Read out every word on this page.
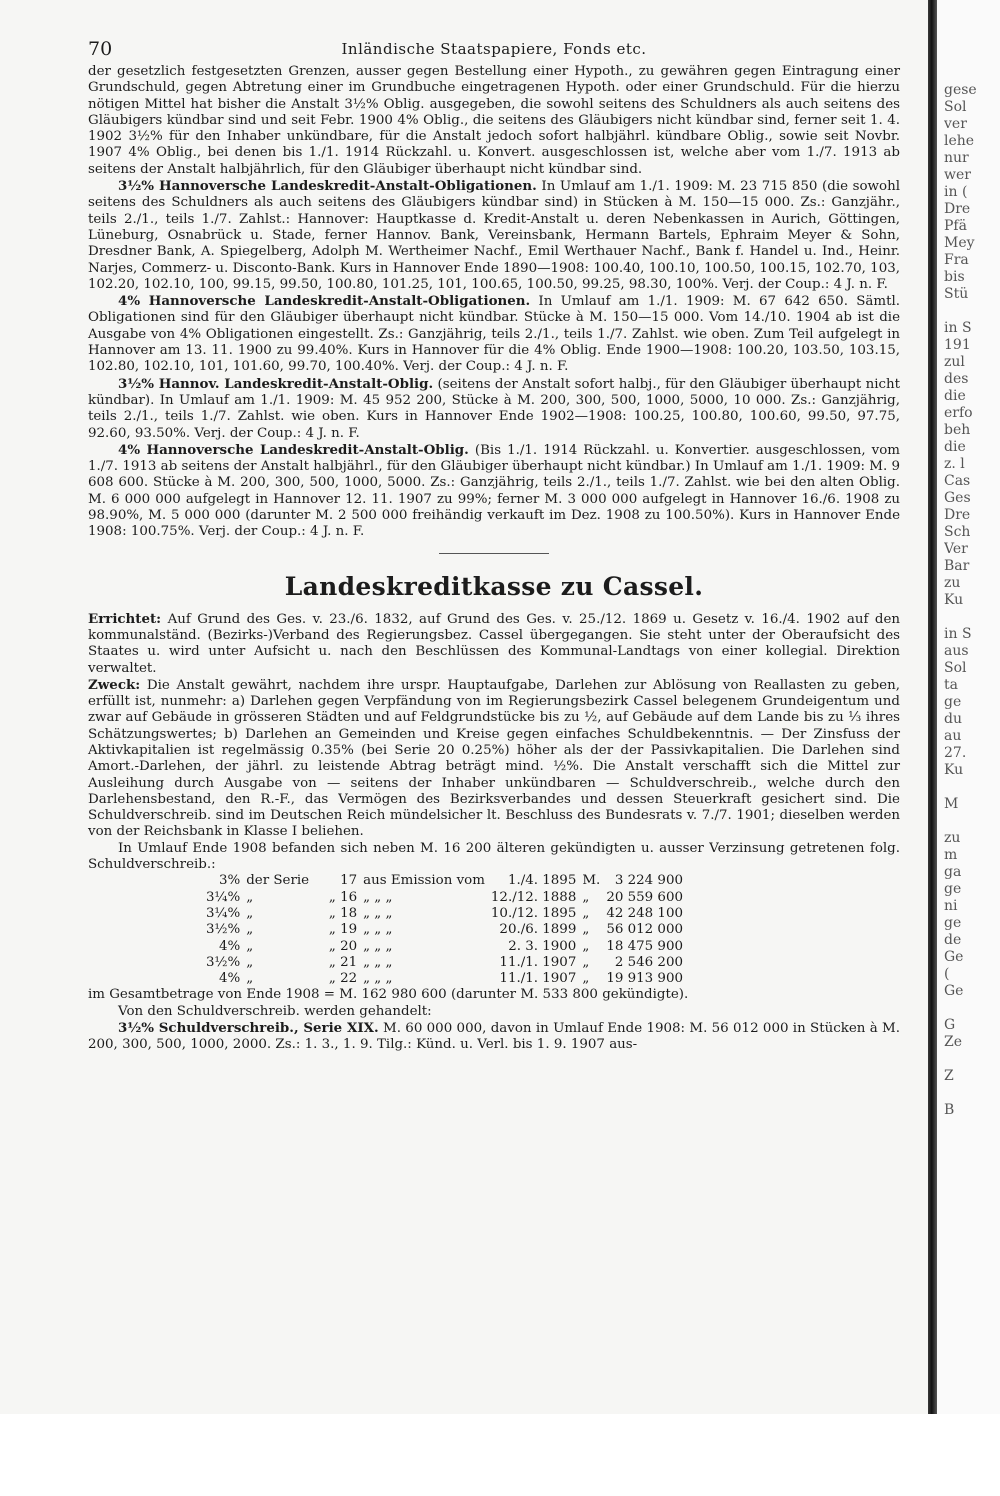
gese
Sol
ver
lehe
nur
wer
in (
Dre
Pfä
Mey
Fra
bis
Stü

in S
191
zul
des
die
erfo
beh
die
z. l
Cas
Ges
Dre
Sch
Ver
Bar
zu
Ku

in S
aus
Sol
ta
ge
du
au
27.
Ku

M

zu
m
ga
ge
ni
ge
de
Ge
(
Ge

G
Ze

Z

B
70	Inländische Staatspapiere, Fonds etc.

der gesetzlich festgesetzten Grenzen, ausser gegen Bestellung einer Hypoth., zu gewähren gegen Eintragung einer Grundschuld, gegen Abtretung einer im Grundbuche eingetragenen Hypoth. oder einer Grundschuld. Für die hierzu nötigen Mittel hat bisher die Anstalt 3½% Oblig. ausgegeben, die sowohl seitens des Schuldners als auch seitens des Gläubigers kündbar sind und seit Febr. 1900 4% Oblig., die seitens des Gläubigers nicht kündbar sind, ferner seit 1. 4. 1902 3½% für den Inhaber unkündbare, für die Anstalt jedoch sofort halbjährl. kündbare Oblig., sowie seit Novbr. 1907 4% Oblig., bei denen bis 1./1. 1914 Rückzahl. u. Konvert. ausgeschlossen ist, welche aber vom 1./7. 1913 ab seitens der Anstalt halbjährlich, für den Gläubiger überhaupt nicht kündbar sind.

3½% Hannoversche Landeskredit-Anstalt-Obligationen. In Umlauf am 1./1. 1909: M. 23 715 850 (die sowohl seitens des Schuldners als auch seitens des Gläubigers kündbar sind) in Stücken à M. 150—15 000. Zs.: Ganzjähr., teils 2./1., teils 1./7. Zahlst.: Hannover: Hauptkasse d. Kredit-Anstalt u. deren Nebenkassen in Aurich, Göttingen, Lüneburg, Osnabrück u. Stade, ferner Hannov. Bank, Vereinsbank, Hermann Bartels, Ephraim Meyer & Sohn, Dresdner Bank, A. Spiegelberg, Adolph M. Wertheimer Nachf., Emil Werthauer Nachf., Bank f. Handel u. Ind., Heinr. Narjes, Commerz- u. Disconto-Bank. Kurs in Hannover Ende 1890—1908: 100.40, 100.10, 100.50, 100.15, 102.70, 103, 102.20, 102.10, 100, 99.15, 99.50, 100.80, 101.25, 101, 100.65, 100.50, 99.25, 98.30, 100%. Verj. der Coup.: 4 J. n. F.

4% Hannoversche Landeskredit-Anstalt-Obligationen. In Umlauf am 1./1. 1909: M. 67 642 650. Sämtl. Obligationen sind für den Gläubiger überhaupt nicht kündbar. Stücke à M. 150—15 000. Vom 14./10. 1904 ab ist die Ausgabe von 4% Obligationen eingestellt. Zs.: Ganzjährig, teils 2./1., teils 1./7. Zahlst. wie oben. Zum Teil aufgelegt in Hannover am 13. 11. 1900 zu 99.40%. Kurs in Hannover für die 4% Oblig. Ende 1900—1908: 100.20, 103.50, 103.15, 102.80, 102.10, 101, 101.60, 99.70, 100.40%. Verj. der Coup.: 4 J. n. F.

3½% Hannov. Landeskredit-Anstalt-Oblig. (seitens der Anstalt sofort halbj., für den Gläubiger überhaupt nicht kündbar). In Umlauf am 1./1. 1909: M. 45 952 200, Stücke à M. 200, 300, 500, 1000, 5000, 10 000. Zs.: Ganzjährig, teils 2./1., teils 1./7. Zahlst. wie oben. Kurs in Hannover Ende 1902—1908: 100.25, 100.80, 100.60, 99.50, 97.75, 92.60, 93.50%. Verj. der Coup.: 4 J. n. F.

4% Hannoversche Landeskredit-Anstalt-Oblig. (Bis 1./1. 1914 Rückzahl. u. Konvertier. ausgeschlossen, vom 1./7. 1913 ab seitens der Anstalt halbjährl., für den Gläubiger überhaupt nicht kündbar.) In Umlauf am 1./1. 1909: M. 9 608 600. Stücke à M. 200, 300, 500, 1000, 5000. Zs.: Ganzjährig, teils 2./1., teils 1./7. Zahlst. wie bei den alten Oblig. M. 6 000 000 aufgelegt in Hannover 12. 11. 1907 zu 99%; ferner M. 3 000 000 aufgelegt in Hannover 16./6. 1908 zu 98.90%, M. 5 000 000 (darunter M. 2 500 000 freihändig verkauft im Dez. 1908 zu 100.50%). Kurs in Hannover Ende 1908: 100.75%. Verj. der Coup.: 4 J. n. F.

Landeskreditkasse zu Cassel.

Errichtet: Auf Grund des Ges. v. 23./6. 1832, auf Grund des Ges. v. 25./12. 1869 u. Gesetz v. 16./4. 1902 auf den kommunalständ. (Bezirks-)Verband des Regierungsbez. Cassel übergegangen. Sie steht unter der Oberaufsicht des Staates u. wird unter Aufsicht u. nach den Beschlüssen des Kommunal-Landtags von einer kollegial. Direktion verwaltet.

Zweck: Die Anstalt gewährt, nachdem ihre urspr. Hauptaufgabe, Darlehen zur Ablösung von Reallasten zu geben, erfüllt ist, nunmehr: a) Darlehen gegen Verpfändung von im Regierungsbezirk Cassel belegenem Grundeigentum und zwar auf Gebäude in grösseren Städten und auf Feldgrundstücke bis zu ½, auf Gebäude auf dem Lande bis zu ⅓ ihres Schätzungswertes; b) Darlehen an Gemeinden und Kreise gegen einfaches Schuldbekenntnis. — Der Zinsfuss der Aktivkapitalien ist regelmässig 0.35% (bei Serie 20 0.25%) höher als der der Passivkapitalien. Die Darlehen sind Amort.-Darlehen, der jährl. zu leistende Abtrag beträgt mind. ½%. Die Anstalt verschafft sich die Mittel zur Ausleihung durch Ausgabe von — seitens der Inhaber unkündbaren — Schuldverschreib., welche durch den Darlehensbestand, den R.-F., das Vermögen des Bezirksverbandes und dessen Steuerkraft gesichert sind. Die Schuldverschreib. sind im Deutschen Reich mündelsicher lt. Beschluss des Bundesrats v. 7./7. 1901; dieselben werden von der Reichsbank in Klasse I beliehen.

In Umlauf Ende 1908 befanden sich neben M. 16 200 älteren gekündigten u. ausser Verzinsung getretenen folg. Schuldverschreib.:

3%	der Serie	17	aus Emission vom	1./4. 1895	M.	3 224 900
3¼%	„	„ 16	„ „ „	12./12. 1888	„	20 559 600
3¼%	„	„ 18	„ „ „	10./12. 1895	„	42 248 100
3½%	„	„ 19	„ „ „	20./6. 1899	„	56 012 000
4%	„	„ 20	„ „ „	2. 3. 1900	„	18 475 900
3½%	„	„ 21	„ „ „	11./1. 1907	„	2 546 200
4%	„	„ 22	„ „ „	11./1. 1907	„	19 913 900

im Gesamtbetrage von Ende 1908 = M. 162 980 600 (darunter M. 533 800 gekündigte).

Von den Schuldverschreib. werden gehandelt:

3½% Schuldverschreib., Serie XIX. M. 60 000 000, davon in Umlauf Ende 1908: M. 56 012 000 in Stücken à M. 200, 300, 500, 1000, 2000. Zs.: 1. 3., 1. 9. Tilg.: Künd. u. Verl. bis 1. 9. 1907 aus-
